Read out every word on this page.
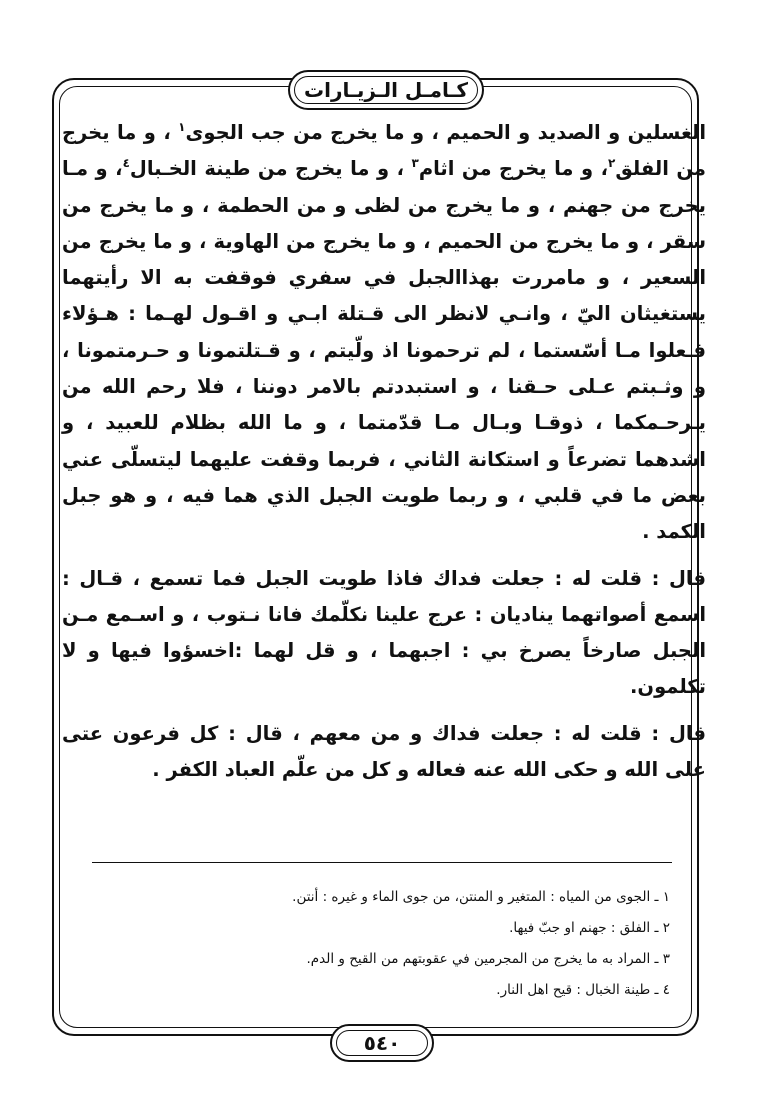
كـامـل الـزيـارات

الغسلين و الصديد و الحميم ، و ما يخرج من جب الجوى$^١$ ، و ما يخرج من الفلق$^٢$، و ما يخرج من اثام$^٣$ ، و ما يخرج من طينة الخـبال$^٤$، و مـا يخرج من جهنم ، و ما يخرج من لظى و من الحطمة ، و ما يخرج من سقر ، و ما يخرج من الحميم ، و ما يخرج من الهاوية ، و ما يخرج من السعير ، و مامررت بهذاالجبل في سفري فوقفت به الا رأيتهما يستغيثان اليّ ، وانـي لانظر الى قـتلة ابـي و اقـول لهـما : هـؤلاء فـعلوا مـا أسّستما ، لم ترحمونا اذ ولّيتم ، و قـتلتمونا و حـرمتمونا ، و وثـبتم عـلى حـقنا ، و استبددتم بالامر دوننا ، فلا رحم الله من يـرحـمكما ، ذوقـا وبـال مـا قدّمتما ، و ما الله بظلام للعبيد ، و اشدهما تضرعاً و استكانة الثاني ، فربما وقفت عليهما ليتسلّى عني بعض ما في قلبي ، و ربما طويت الجبل الذي هما فيه ، و هو جبل الكمد .

قال : قلت له : جعلت فداك فاذا طويت الجبل فما تسمع ، قـال : اسمع أصواتهما يناديان : عرج علينا نكلّمك فانا نـتوب ، و اسـمع مـن الجبل صارخاً يصرخ بي : اجبهما ، و قل لهما :اخسؤوا فيها و لا تكلمون.

قال : قلت له : جعلت فداك و من معهم ، قال : كل فرعون عتى على الله و حكى الله عنه فعاله و كل من علّم العباد الكفر .

١ ـ الجوى من المياه : المتغير و المنتن، من جوى الماء و غيره : أنتن.
٢ ـ الفلق : جهنم او جبّ فيها.
٣ ـ المراد به ما يخرج من المجرمين في عقوبتهم من القيح و الدم.
٤ ـ طينة الخبال : قيح اهل النار.
٥٤٠
